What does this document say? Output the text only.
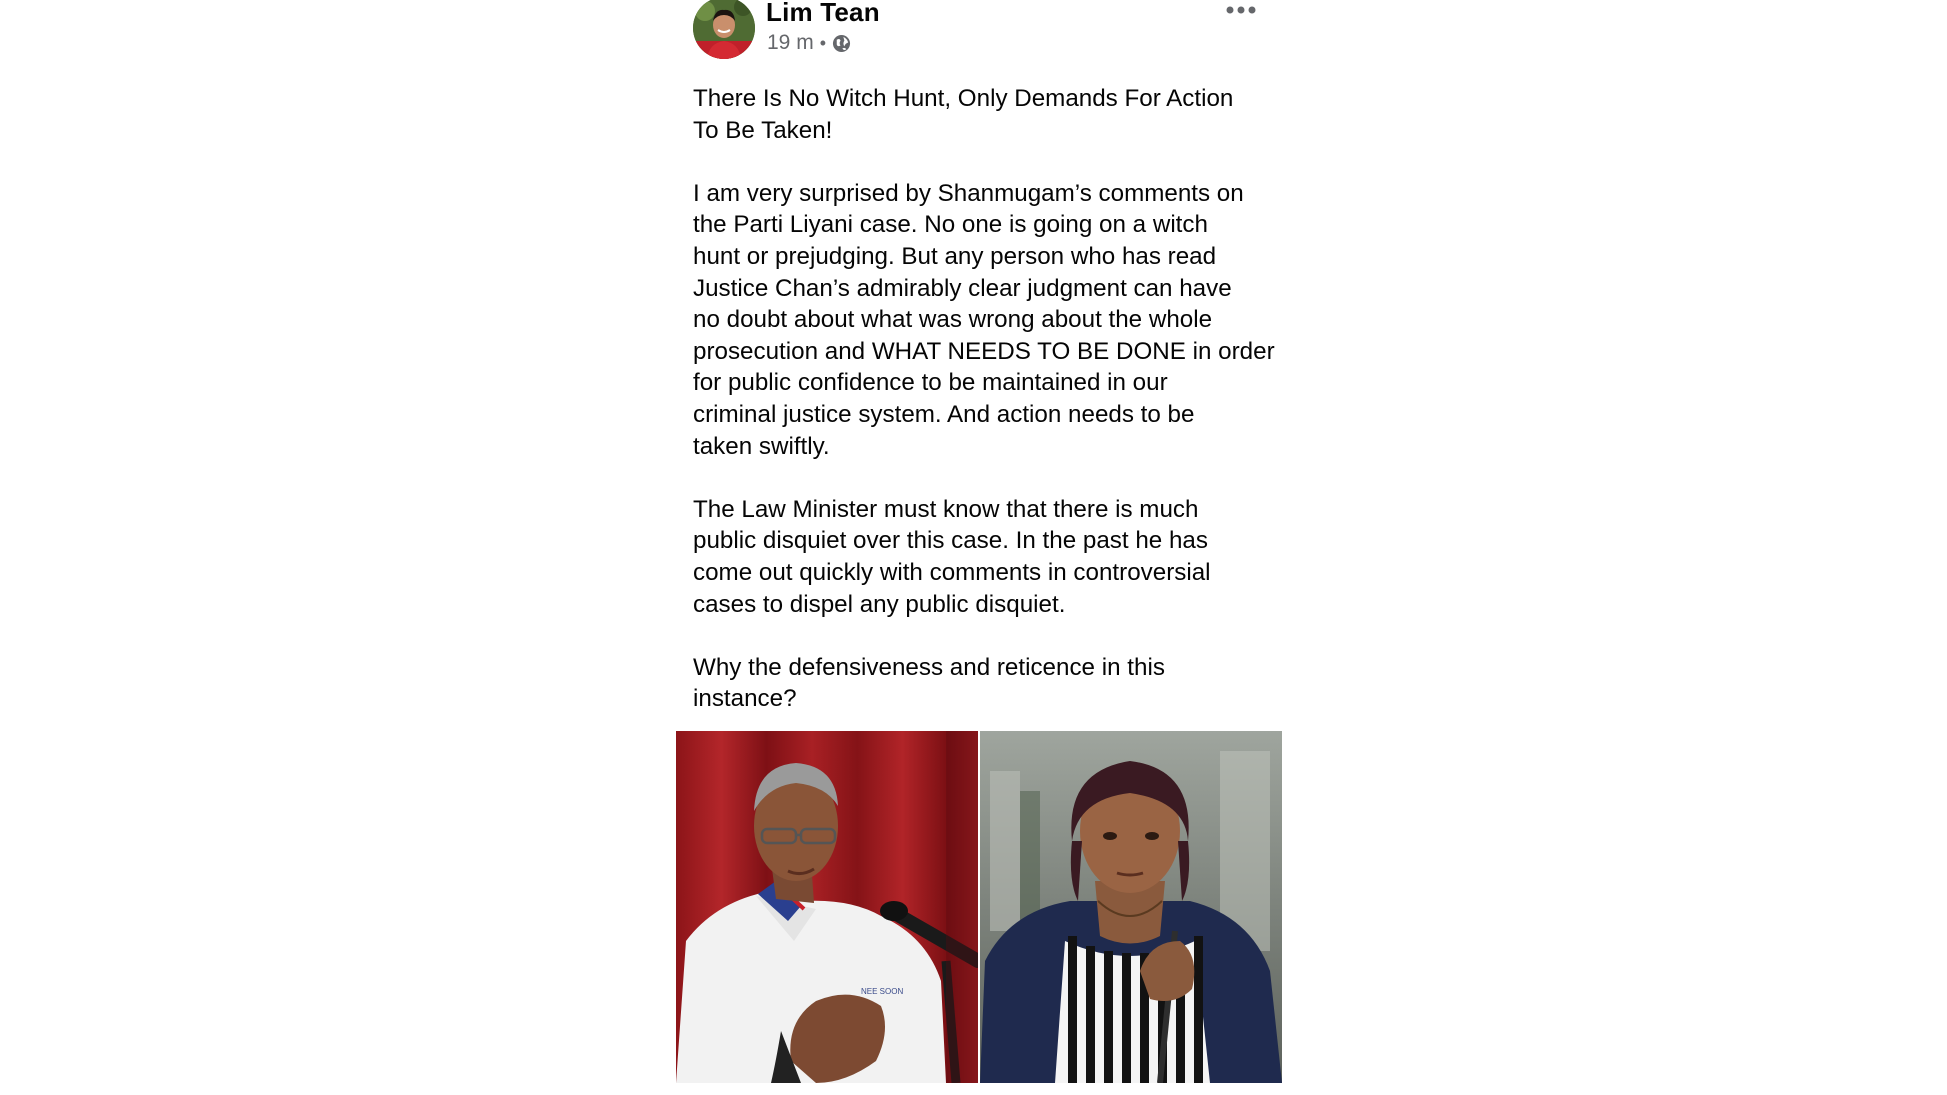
Lim Tean
19 m •

There Is No Witch Hunt, Only Demands For Action
To Be Taken!

I am very surprised by Shanmugam’s comments on
the Parti Liyani case. No one is going on a witch
hunt or prejudging. But any person who has read
Justice Chan’s admirably clear judgment can have
no doubt about what was wrong about the whole
prosecution and WHAT NEEDS TO BE DONE in order
for public confidence to be maintained in our
criminal justice system. And action needs to be
taken swiftly.

The Law Minister must know that there is much
public disquiet over this case. In the past he has
come out quickly with comments in controversial
cases to dispel any public disquiet.

Why the defensiveness and reticence in this
instance?

NEE SOON
